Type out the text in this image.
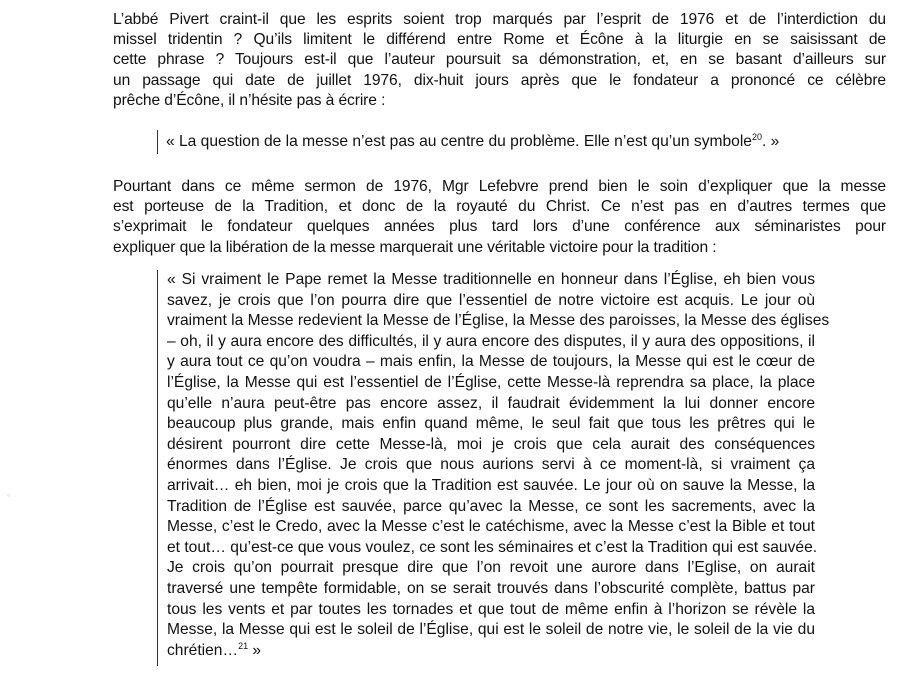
L’abbé Pivert craint-il que les esprits soient trop marqués par l’esprit de 1976 et de l’interdiction du
missel tridentin ? Qu’ils limitent le différend entre Rome et Écône à la liturgie en se saisissant de
cette phrase ? Toujours est-il que l’auteur poursuit sa démonstration, et, en se basant d’ailleurs sur
un passage qui date de juillet 1976, dix-huit jours après que le fondateur a prononcé ce célèbre
prêche d’Écône, il n’hésite pas à écrire :
« La question de la messe n’est pas au centre du problème. Elle n’est qu’un symbole$^{20}$. »
Pourtant dans ce même sermon de 1976, Mgr Lefebvre prend bien le soin d’expliquer que la messe
est porteuse de la Tradition, et donc de la royauté du Christ. Ce n’est pas en d’autres termes que
s’exprimait le fondateur quelques années plus tard lors d’une conférence aux séminaristes pour
expliquer que la libération de la messe marquerait une véritable victoire pour la tradition :
« Si vraiment le Pape remet la Messe traditionnelle en honneur dans l’Église, eh bien vous
savez, je crois que l’on pourra dire que l’essentiel de notre victoire est acquis. Le jour où
vraiment la Messe redevient la Messe de l’Église, la Messe des paroisses, la Messe des églises
– oh, il y aura encore des difficultés, il y aura encore des disputes, il y aura des oppositions, il
y aura tout ce qu’on voudra – mais enfin, la Messe de toujours, la Messe qui est le cœur de
l’Église, la Messe qui est l’essentiel de l’Église, cette Messe-là reprendra sa place, la place
qu’elle n’aura peut-être pas encore assez, il faudrait évidemment la lui donner encore
beaucoup plus grande, mais enfin quand même, le seul fait que tous les prêtres qui le
désirent pourront dire cette Messe-là, moi je crois que cela aurait des conséquences
énormes dans l’Église. Je crois que nous aurions servi à ce moment-là, si vraiment ça
arrivait… eh bien, moi je crois que la Tradition est sauvée. Le jour où on sauve la Messe, la
Tradition de l’Église est sauvée, parce qu’avec la Messe, ce sont les sacrements, avec la
Messe, c’est le Credo, avec la Messe c’est le catéchisme, avec la Messe c’est la Bible et tout
et tout… qu’est-ce que vous voulez, ce sont les séminaires et c’est la Tradition qui est sauvée.
Je crois qu’on pourrait presque dire que l’on revoit une aurore dans l’Eglise, on aurait
traversé une tempête formidable, on se serait trouvés dans l’obscurité complète, battus par
tous les vents et par toutes les tornades et que tout de même enfin à l’horizon se révèle la
Messe, la Messe qui est le soleil de l’Église, qui est le soleil de notre vie, le soleil de la vie du
chrétien…$^{21}$ »
◦
